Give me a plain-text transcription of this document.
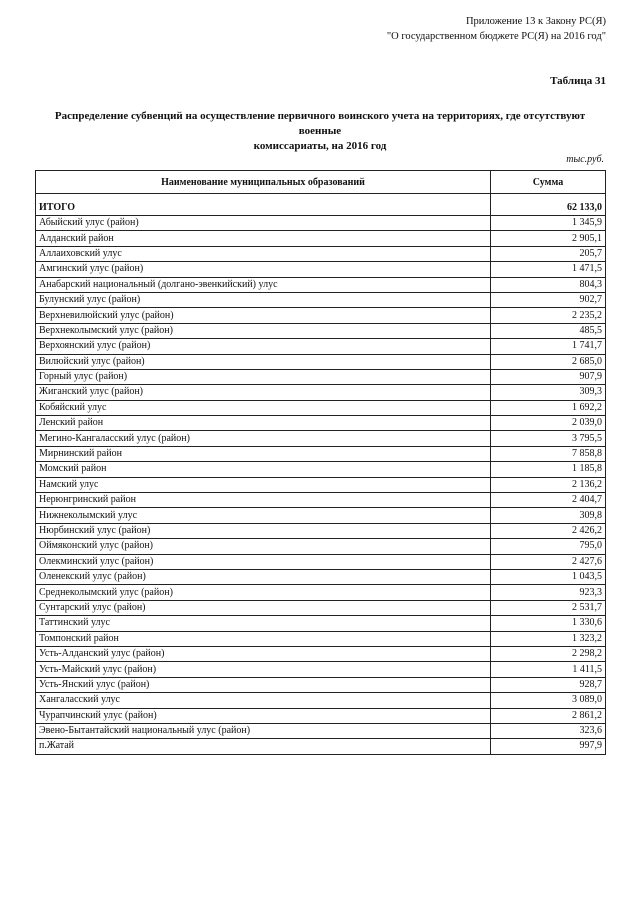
Приложение 13 к Закону РС(Я)
"О государственном бюджете РС(Я) на 2016 год"
Таблица 31
Распределение субвенций на осуществление первичного воинского учета на территориях, где отсутствуют военные
комиссариаты, на 2016 год
тыс.руб.
Наименование муниципальных образований	Сумма
ИТОГО	62 133,0
Абыйский улус (район)	1 345,9
Алданский район	2 905,1
Аллаиховский улус	205,7
Амгинский улус (район)	1 471,5
Анабарский национальный (долгано-эвенкийский) улус	804,3
Булунский улус (район)	902,7
Верхневилюйский улус (район)	2 235,2
Верхнеколымский улус (район)	485,5
Верхоянский улус (район)	1 741,7
Вилюйский улус (район)	2 685,0
Горный улус (район)	907,9
Жиганский улус (район)	309,3
Кобяйский улус	1 692,2
Ленский район	2 039,0
Мегино-Кангаласский улус (район)	3 795,5
Мирнинский район	7 858,8
Момский район	1 185,8
Намский улус	2 136,2
Нерюнгринский район	2 404,7
Нижнеколымский улус	309,8
Нюрбинский улус (район)	2 426,2
Оймяконский улус (район)	795,0
Олекминский улус (район)	2 427,6
Оленекский улус (район)	1 043,5
Среднеколымский улус (район)	923,3
Сунтарский улус (район)	2 531,7
Таттинский улус	1 330,6
Томпонский район	1 323,2
Усть-Алданский улус (район)	2 298,2
Усть-Майский улус (район)	1 411,5
Усть-Янский улус (район)	928,7
Хангаласский улус	3 089,0
Чурапчинский улус (район)	2 861,2
Эвено-Бытантайский национальный улус (район)	323,6
п.Жатай	997,9
